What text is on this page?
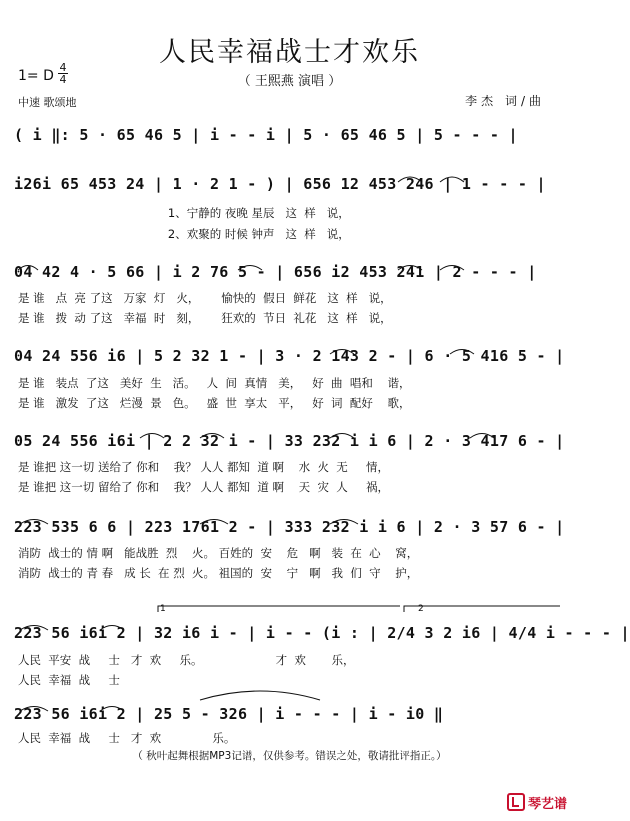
人民幸福战士才欢乐
（ 王熙燕 演唱 ）
1= D
4
4
中速 歌颂地	李杰 词/曲
( i ‖: 5 · 65 46 5 | i - - i | 5 · 65 46 5 | 5 - - - |
i26i 65 453 24 | 1 · 2 1 - ) | 656 12 453 246 | 1 - - - |
1、宁静的 夜晚 星辰   这  样   说，
2、欢聚的 时候 钟声   这  样   说，
04 42 4 · 5 66 | i 2 76 5 - | 656 i2 453 241 | 2 - - - |
是 谁   点  亮 了这   万家  灯   火，      愉快的  假日  鲜花   这  样   说，
是 谁   拨  动 了这   幸福  时   刻，      狂欢的  节日  礼花   这  样   说，
04 24 556 i6 | 5 2 32 1 - | 3 · 2 143 2 - | 6 · 5 416 5 - |
是 谁   装点  了这   美好  生   活。   人  间  真情   美，   好  曲  唱和    谐，
是 谁   激发  了这   烂漫  景   色。   盛  世  享太   平，   好  词  配好    歌，
05 24 556 i6i | 2 2 32 i - | 33 232 i i 6 | 2 · 3 417 6 - |
是 谁把 这一切 送给了 你和    我？ 人人 都知  道 啊    水  火  无     情，
是 谁把 这一切 留给了 你和    我？ 人人 都知  道 啊    天  灾  人     祸，
223 535 6 6 | 223 1761 2 - | 333 232 i i 6 | 2 · 3 57 6 - |
消防  战士的 情 啊   能战胜  烈    火。 百姓的  安    危   啊   装  在  心    窝，
消防  战士的 青 春   成 长  在 烈  火。 祖国的  安    宁   啊   我  们  守    护，
1	2
223 56 i6i 2 | 32 i6 i - | i - - (i : | 2/4 3 2 i6 | 4/4 i - - - |
人民  平安  战     士   才  欢     乐。                    才  欢       乐，
人民  幸福  战     士
223 56 i6i 2 | 25 5 - 326 | i - - - | i - i0 ‖
人民  幸福  战     士   才  欢              乐。
（ 秋叶起舞根据MP3记谱，仅供参考。错误之处，敬请批评指正。）
琴艺谱
